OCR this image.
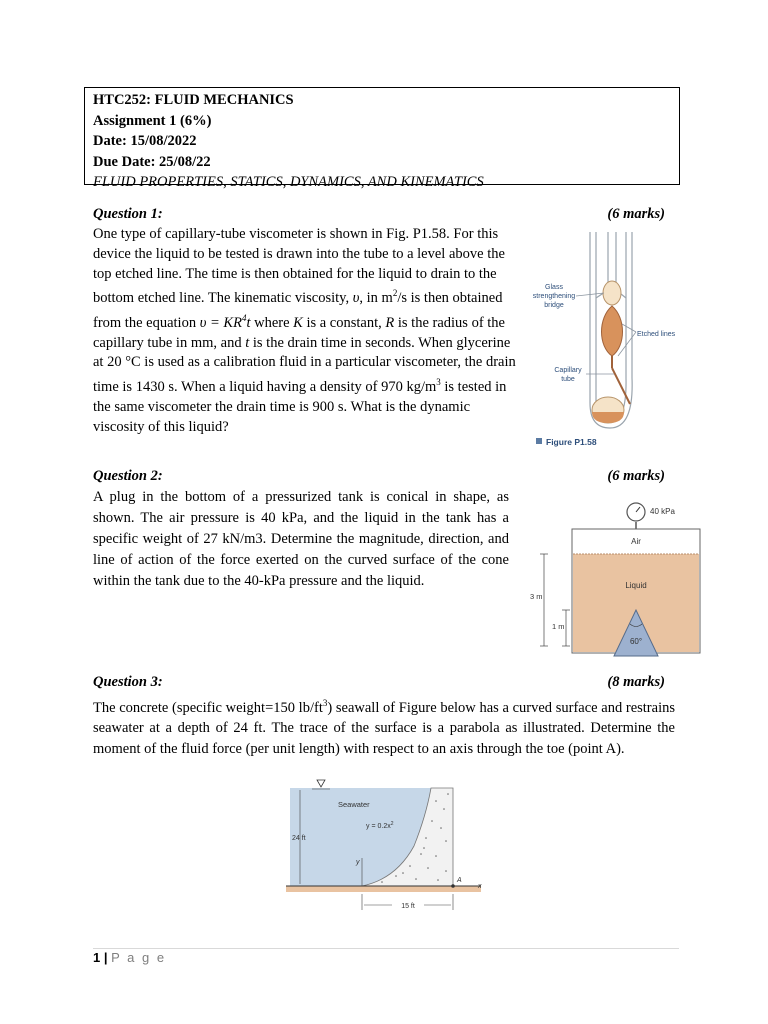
HTC252: FLUID MECHANICS
Assignment 1 (6%)
Date: 15/08/2022
Due Date: 25/08/22
FLUID PROPERTIES, STATICS, DYNAMICS, AND KINEMATICS
Question 1:	(6 marks)
One type of capillary-tube viscometer is shown in Fig. P1.58. For this device the liquid to be tested is drawn into the tube to a level above the top etched line. The time is then obtained for the liquid to drain to the bottom etched line. The kinematic viscosity, υ, in $m^2/s$ is then obtained from the equation $\upsilon = KR^4t$ where K is a constant, R is the radius of the capillary tube in mm, and t is the drain time in seconds. When glycerine at 20 °C is used as a calibration fluid in a particular viscometer, the drain time is 1430 s. When a liquid having a density of 970 $kg/m^3$ is tested in the same viscometer the drain time is 900 s. What is the dynamic viscosity of this liquid?
Glass
strengthening
bridge
Etched lines
Capillary
tube
Figure P1.58
Question 2:	(6 marks)
A plug in the bottom of a pressurized tank is conical in shape, as shown. The air pressure is 40 kPa, and the liquid in the tank has a specific weight of 27 kN/m3. Determine the magnitude, direction, and line of action of the force exerted on the curved surface of the cone within the tank due to the 40-kPa pressure and the liquid.
40 kPa
Air
Liquid
60°
3 m
1 m
Question 3:	(8 marks)
The concrete (specific weight=150 $lb/ft^3$) seawall of Figure below has a curved surface and restrains seawater at a depth of 24 ft. The trace of the surface is a parabola as illustrated. Determine the moment of the fluid force (per unit length) with respect to an axis through the toe (point A).
Seawater
$y = 0.2x^2$
24 ft
y
A
x
15 ft
1 | P a g e
